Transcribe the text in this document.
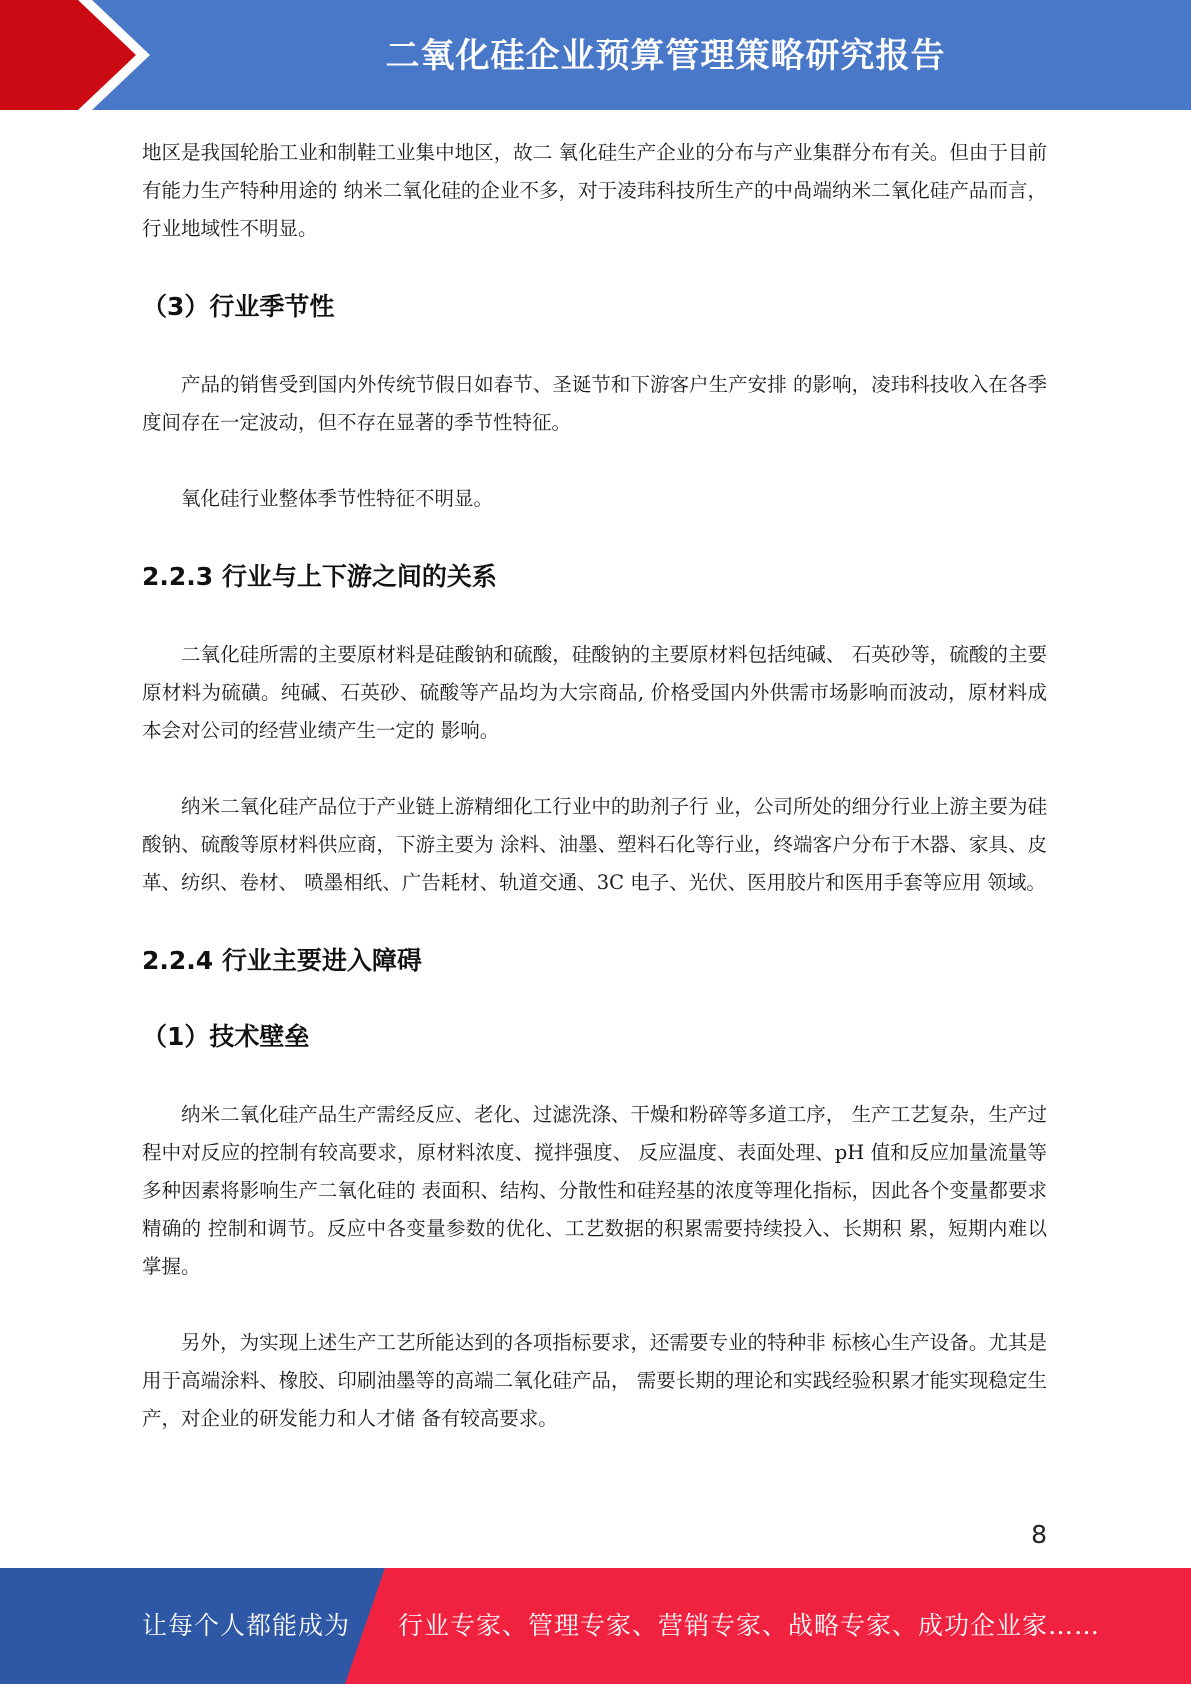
二氧化硅企业预算管理策略研究报告

地区是我国轮胎工业和制鞋工业集中地区，故二 氧化硅生产企业的分布与产业集群分布有关。但由于目前有能力生产特种用途的 纳米二氧化硅的企业不多，对于凌玮科技所生产的中咼端纳米二氧化硅产品而言， 行业地域性不明显。

（3）行业季节性

产品的销售受到国内外传统节假日如春节、圣诞节和下游客户生产安排 的影响，凌玮科技收入在各季度间存在一定波动，但不存在显著的季节性特征。

氧化硅行业整体季节性特征不明显。

2.2.3 行业与上下游之间的关系

二氧化硅所需的主要原材料是硅酸钠和硫酸，硅酸钠的主要原材料包括纯碱、 石英砂等，硫酸的主要原材料为硫磺。纯碱、石英砂、硫酸等产品均为大宗商品, 价格受国内外供需市场影响而波动，原材料成本会对公司的经营业绩产生一定的 影响。

纳米二氧化硅产品位于产业链上游精细化工行业中的助剂子行 业，公司所处的细分行业上游主要为硅酸钠、硫酸等原材料供应商，下游主要为 涂料、油墨、塑料石化等行业，终端客户分布于木器、家具、皮革、纺织、卷材、 喷墨相纸、广告耗材、轨道交通、3C 电子、光伏、医用胶片和医用手套等应用 领域。

2.2.4 行业主要进入障碍
（1）技术壁垒

纳米二氧化硅产品生产需经反应、老化、过滤洗涤、干燥和粉碎等多道工序， 生产工艺复杂，生产过程中对反应的控制有较高要求，原材料浓度、搅拌强度、 反应温度、表面处理、pH 值和反应加量流量等多种因素将影响生产二氧化硅的 表面积、结构、分散性和硅羟基的浓度等理化指标，因此各个变量都要求精确的 控制和调节。反应中各变量参数的优化、工艺数据的积累需要持续投入、长期积 累，短期内难以掌握。

另外，为实现上述生产工艺所能达到的各项指标要求，还需要专业的特种非 标核心生产设备。尤其是用于高端涂料、橡胶、印刷油墨等的高端二氧化硅产品， 需要长期的理论和实践经验积累才能实现稳定生产，对企业的研发能力和人才储 备有较高要求。

8
让每个人都能成为 行业专家、管理专家、营销专家、战略专家、成功企业家……
